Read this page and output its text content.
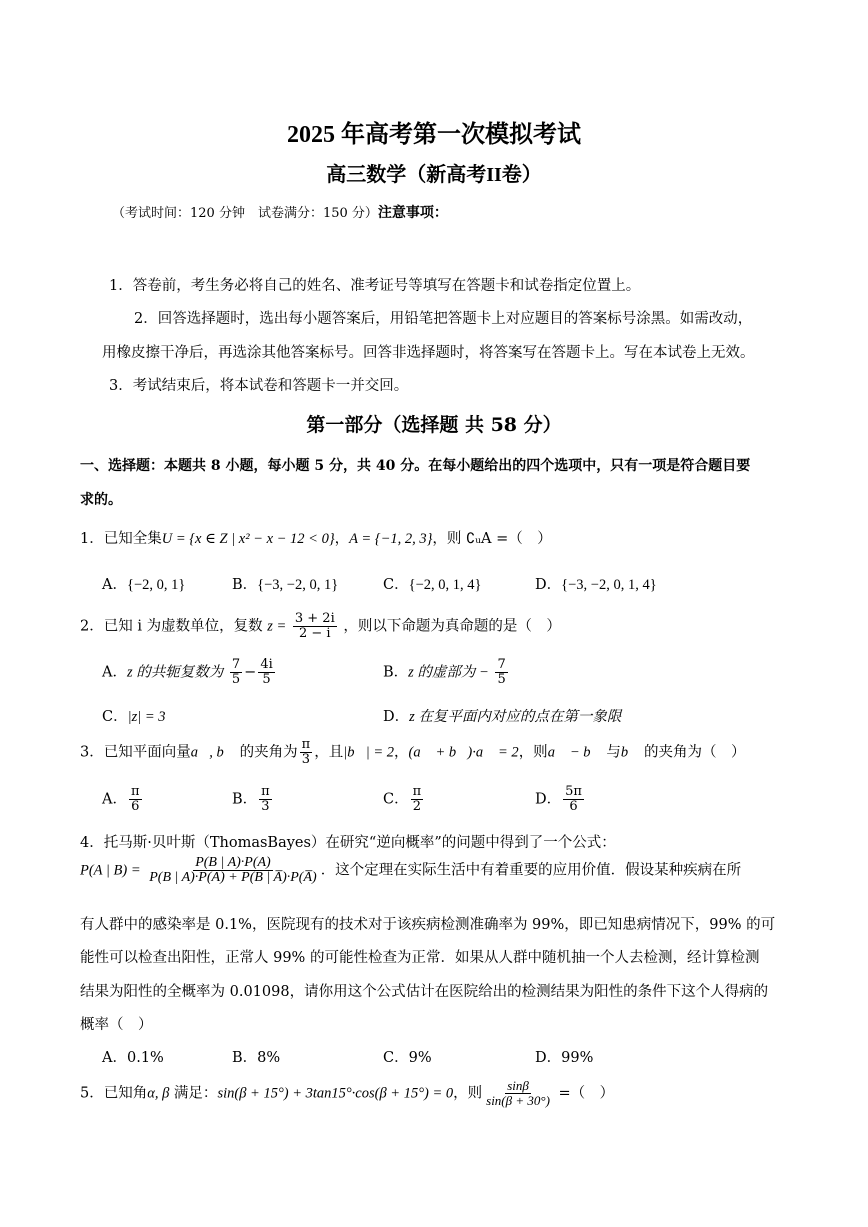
2025 年高考第一次模拟考试
高三数学（新高考II卷）
（考试时间：120 分钟　试卷满分：150 分）注意事项：
1．答卷前，考生务必将自己的姓名、准考证号等填写在答题卡和试卷指定位置上。
2．回答选择题时，选出每小题答案后，用铅笔把答题卡上对应题目的答案标号涂黑。如需改动，
用橡皮擦干净后，再选涂其他答案标号。回答非选择题时，将答案写在答题卡上。写在本试卷上无效。
3．考试结束后，将本试卷和答题卡一并交回。
第一部分（选择题 共 58 分）
一、选择题：本题共 8 小题，每小题 5 分，共 40 分。在每小题给出的四个选项中，只有一项是符合题目要
求的。
1．已知全集U = {x ∈ Z | x² − x − 12 < 0}，A = {−1, 2, 3}，则 ∁ᵤA =（　）
A．{−2, 0, 1}	B．{−3, −2, 0, 1}	C．{−2, 0, 1, 4}	D．{−3, −2, 0, 1, 4}
2．已知 i 为虚数单位，复数 $z = \frac{3 + 2i}{2 - i}$ ，则以下命题为真命题的是（　）
A．z 的共轭复数为 $\frac{7}{5} - \frac{4i}{5}$	B．z 的虚部为 − $\frac{7}{5}$
C．|z| = 3	D．z 在复平面内对应的点在第一象限
3．已知平面向量a⃗, b⃗ 的夹角为 $\frac{\pi}{3}$ ，且|b⃗| = 2，(a⃗ + b⃗)·a⃗ = 2，则a⃗ − b⃗ 与b⃗ 的夹角为（　）
A． $\frac{\pi}{6}$	B． $\frac{\pi}{3}$	C． $\frac{\pi}{2}$	D． $\frac{5\pi}{6}$
4．托马斯·贝叶斯（ThomasBayes）在研究“逆向概率”的问题中得到了一个公式：
P(A | $B) = \frac{P(B | A)\cdot P(A)}{P(B | A)\cdot P(A) + P(B | A̅)\cdot P(A̅)}$ ．这个定理在实际生活中有着重要的应用价值．假设某种疾病在所
有人群中的感染率是 0.1%，医院现有的技术对于该疾病检测准确率为 99%，即已知患病情况下，99% 的可
能性可以检查出阳性，正常人 99% 的可能性检查为正常．如果从人群中随机抽一个人去检测，经计算检测
结果为阳性的全概率为 0.01098，请你用这个公式估计在医院给出的检测结果为阳性的条件下这个人得病的
概率（　）
A．0.1%	B．8%	C．9%	D．99%
5．已知角α, β 满足：sin(β + 15°) + 3tan15°·cos(β + 15°) = 0，则 $\frac{\sin\beta}{\sin(\beta + 30^\circ)}$ =（　）
